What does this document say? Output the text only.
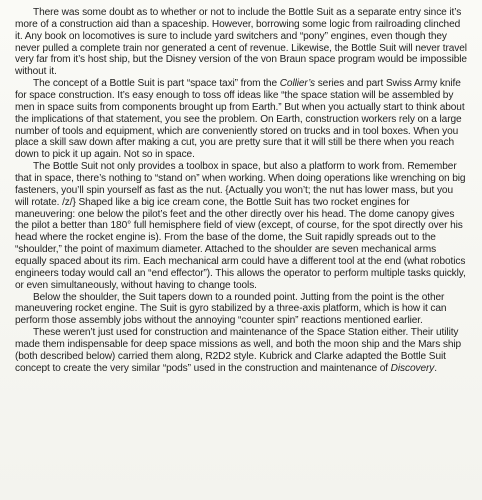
There was some doubt as to whether or not to include the Bottle Suit as a separate entry since it’s more of a construction aid than a spaceship. However, borrowing some logic from railroading clinched it. Any book on locomotives is sure to include yard switchers and “pony” engines, even though they never pulled a complete train nor generated a cent of revenue. Likewise, the Bottle Suit will never travel very far from it’s host ship, but the Disney version of the von Braun space program would be impossible without it.

The concept of a Bottle Suit is part “space taxi” from the Collier’s series and part Swiss Army knife for space construction. It’s easy enough to toss off ideas like “the space station will be assembled by men in space suits from components brought up from Earth.” But when you actually start to think about the implications of that statement, you see the problem. On Earth, construction workers rely on a large number of tools and equipment, which are conveniently stored on trucks and in tool boxes. When you place a skill saw down after making a cut, you are pretty sure that it will still be there when you reach down to pick it up again. Not so in space.

The Bottle Suit not only provides a toolbox in space, but also a platform to work from. Remember that in space, there’s nothing to “stand on” when working. When doing operations like wrenching on big fasteners, you’ll spin yourself as fast as the nut. {Actually you won’t; the nut has lower mass, but you will rotate. /z/} Shaped like a big ice cream cone, the Bottle Suit has two rocket engines for maneuvering: one below the pilot’s feet and the other directly over his head. The dome canopy gives the pilot a better than 180° full hemisphere field of view (except, of course, for the spot directly over his head where the rocket engine is). From the base of the dome, the Suit rapidly spreads out to the “shoulder,” the point of maximum diameter. Attached to the shoulder are seven mechanical arms equally spaced about its rim. Each mechanical arm could have a different tool at the end (what robotics engineers today would call an “end effector”). This allows the operator to perform multiple tasks quickly, or even simultaneously, without having to change tools.

Below the shoulder, the Suit tapers down to a rounded point. Jutting from the point is the other maneuvering rocket engine. The Suit is gyro stabilized by a three-axis platform, which is how it can perform those assembly jobs without the annoying “counter spin” reactions mentioned earlier.

These weren’t just used for construction and maintenance of the Space Station either. Their utility made them indispensable for deep space missions as well, and both the moon ship and the Mars ship (both described below) carried them along, R2D2 style. Kubrick and Clarke adapted the Bottle Suit concept to create the very similar “pods” used in the construction and maintenance of Discovery.
